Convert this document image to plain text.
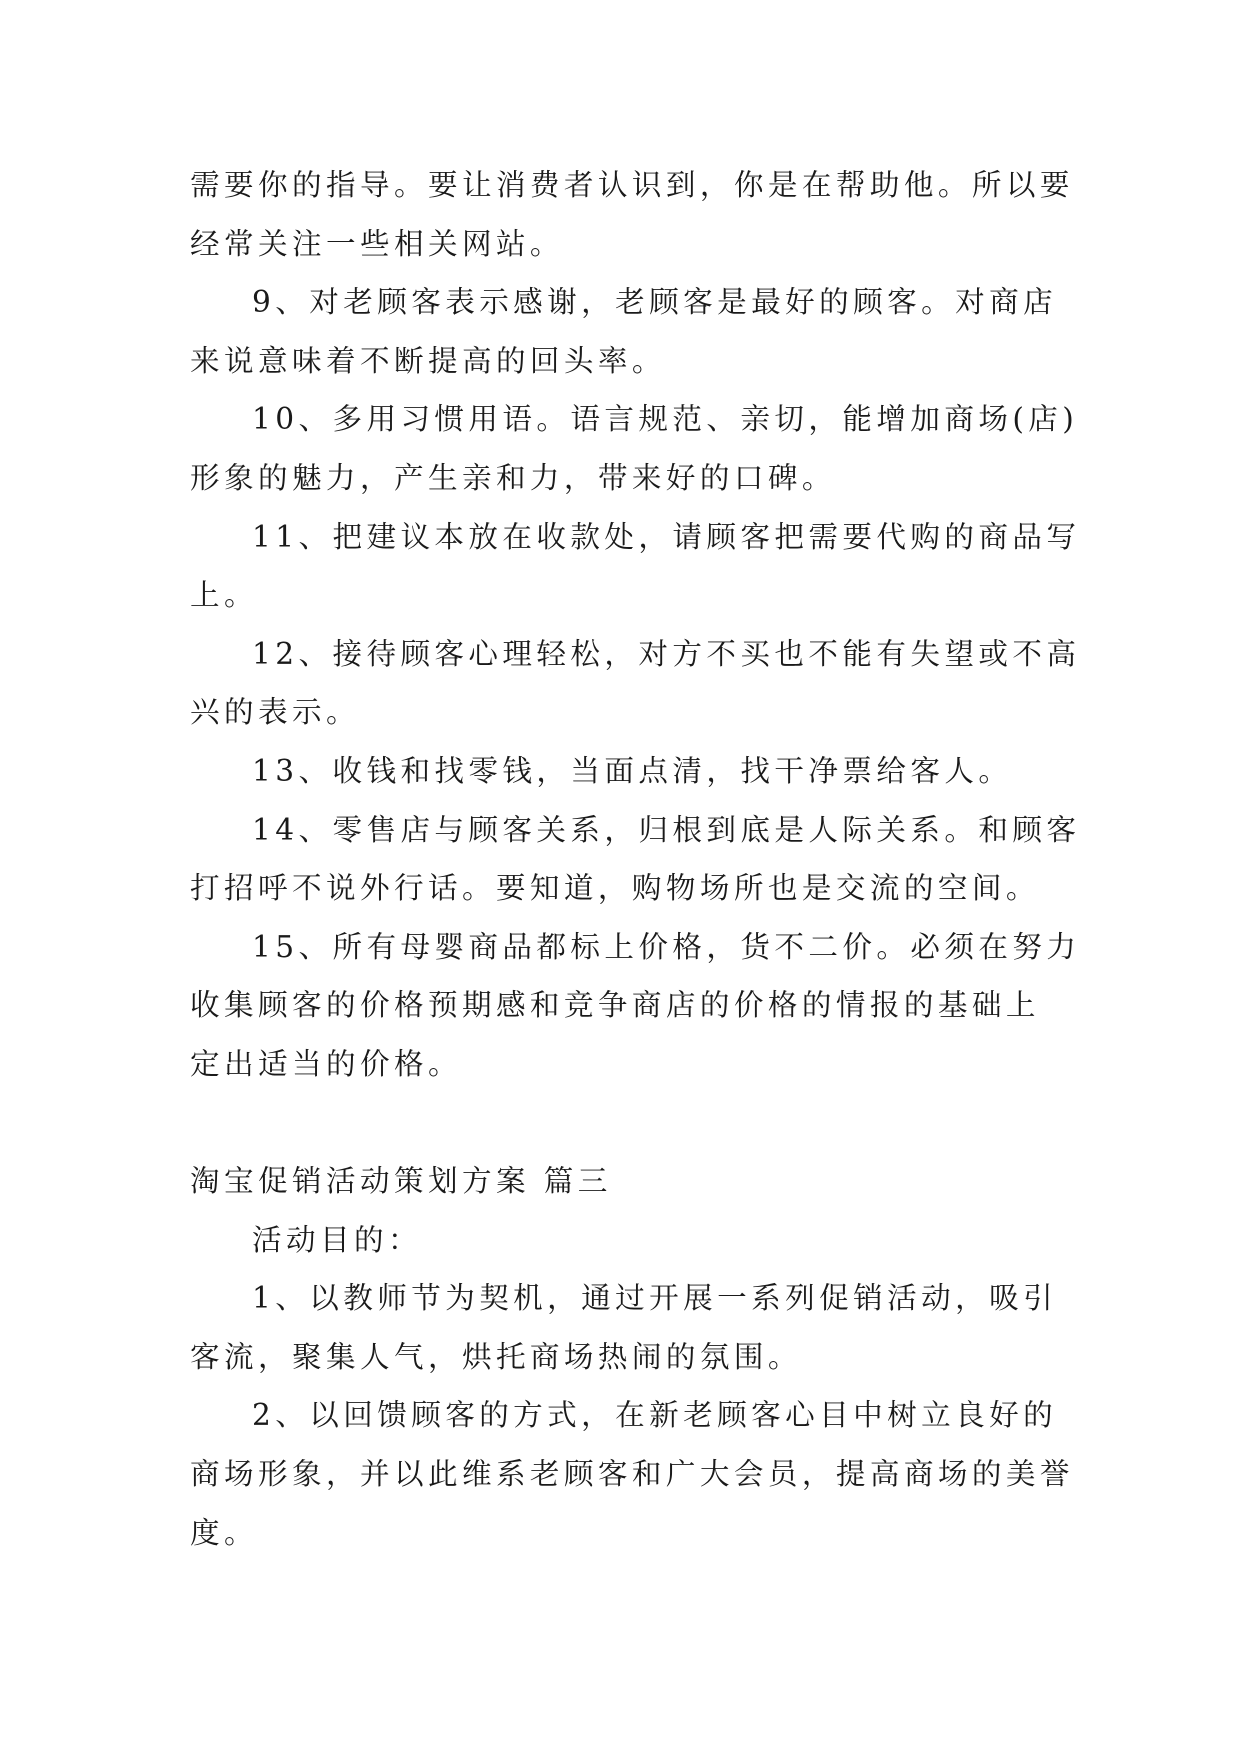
需要你的指导。要让消费者认识到，你是在帮助他。所以要
经常关注一些相关网站。
9、对老顾客表示感谢，老顾客是最好的顾客。对商店
来说意味着不断提高的回头率。
10、多用习惯用语。语言规范、亲切，能增加商场(店)
形象的魅力，产生亲和力，带来好的口碑。
11、把建议本放在收款处，请顾客把需要代购的商品写
上。
12、接待顾客心理轻松，对方不买也不能有失望或不高
兴的表示。
13、收钱和找零钱，当面点清，找干净票给客人。
14、零售店与顾客关系，归根到底是人际关系。和顾客
打招呼不说外行话。要知道，购物场所也是交流的空间。
15、所有母婴商品都标上价格，货不二价。必须在努力
收集顾客的价格预期感和竞争商店的价格的情报的基础上
定出适当的价格。
淘宝促销活动策划方案 篇三
活动目的：
1、以教师节为契机，通过开展一系列促销活动，吸引
客流，聚集人气，烘托商场热闹的氛围。
2、以回馈顾客的方式，在新老顾客心目中树立良好的
商场形象，并以此维系老顾客和广大会员，提高商场的美誉
度。
